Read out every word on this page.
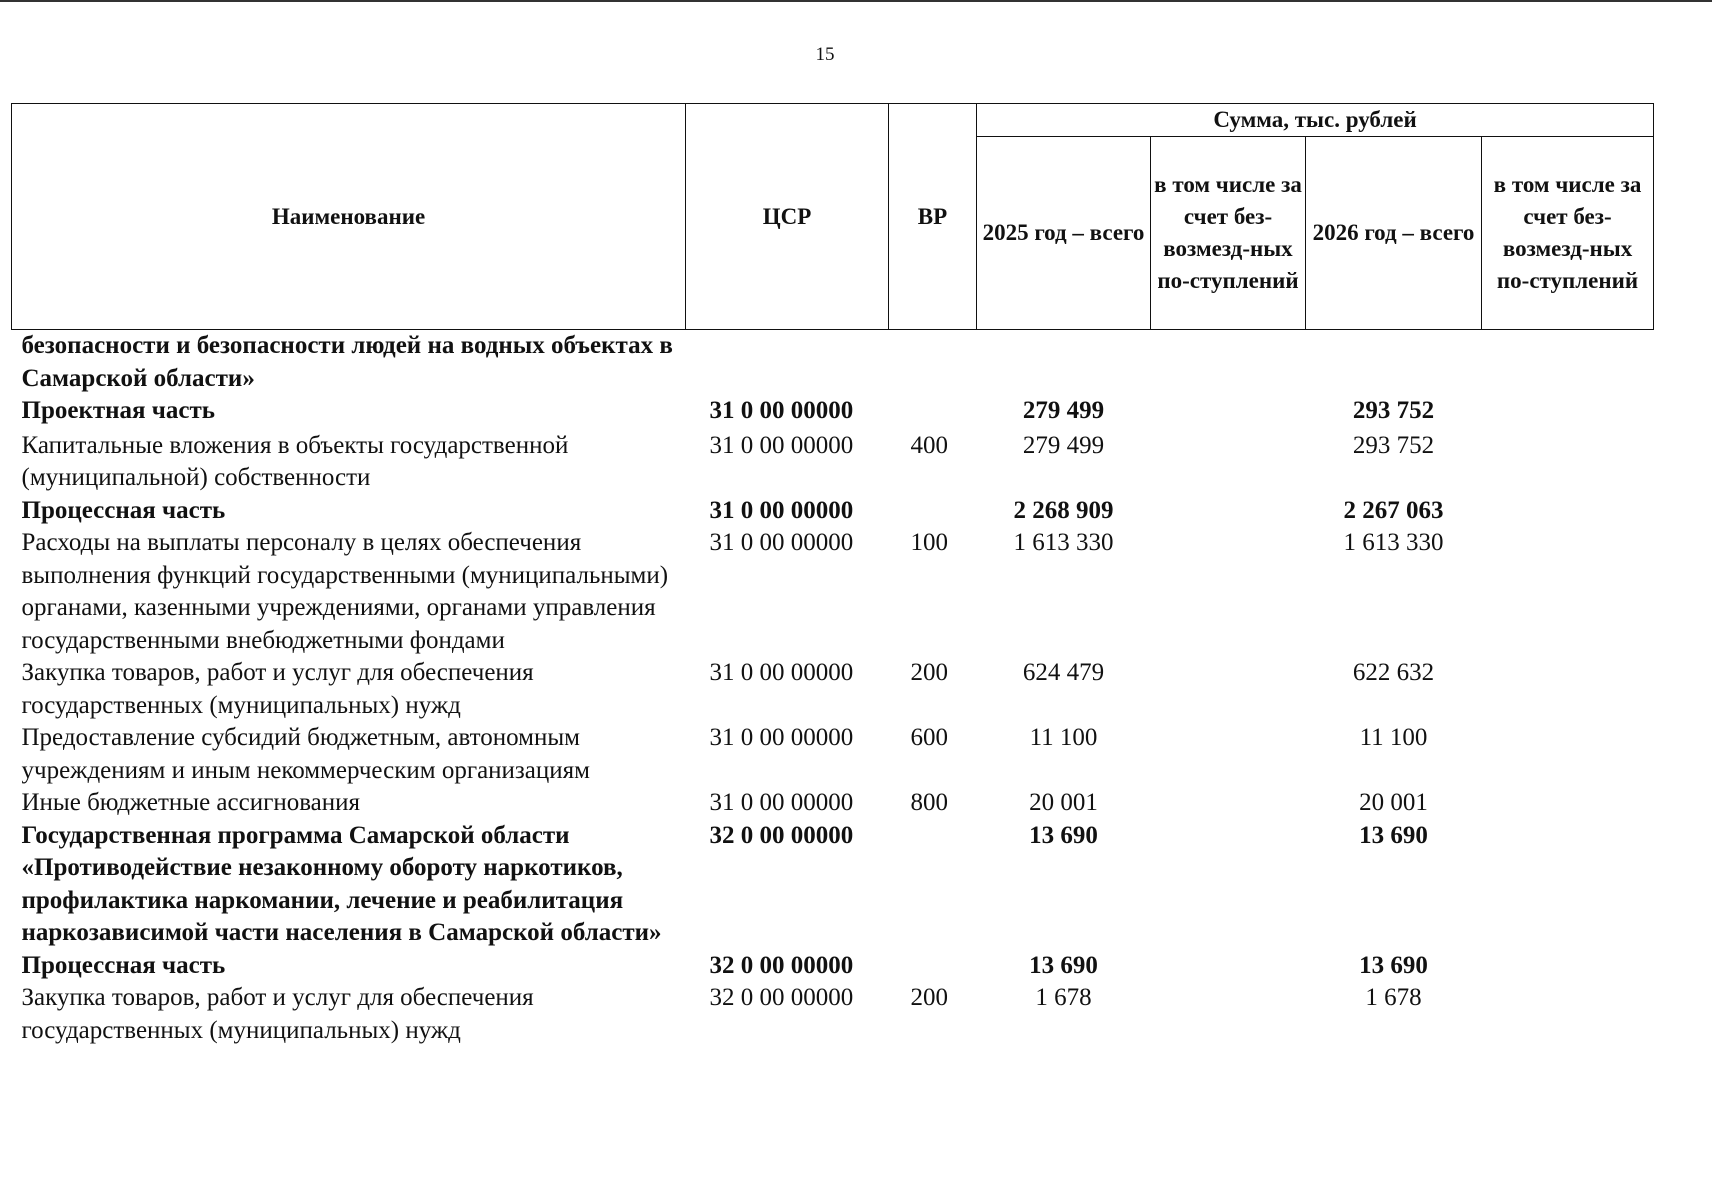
15
Наименование	ЦСР	ВР	Сумма, тыс. рублей			
			2025 год – всего	в том числе за счет без-возмезд-ных по-ступлений	2026 год – всего	в том числе за счет без-возмезд-ных по-ступлений
безопасности и безопасности людей на водных объектах в Самарской области»						
Проектная часть	31 0 00 00000		279 499		293 752	
Капитальные вложения в объекты государственной (муниципальной) собственности	31 0 00 00000	400	279 499		293 752	
Процессная часть	31 0 00 00000		2 268 909		2 267 063	
Расходы на выплаты персоналу в целях обеспечения выполнения функций государственными (муниципальными) органами, казенными учреждениями, органами управления государственными внебюджетными фондами	31 0 00 00000	100	1 613 330		1 613 330	
Закупка товаров, работ и услуг для обеспечения государственных (муниципальных) нужд	31 0 00 00000	200	624 479		622 632	
Предоставление субсидий бюджетным, автономным учреждениям и иным некоммерческим организациям	31 0 00 00000	600	11 100		11 100	
Иные бюджетные ассигнования	31 0 00 00000	800	20 001		20 001	
Государственная программа Самарской области «Противодействие незаконному обороту наркотиков, профилактика наркомании, лечение и реабилитация наркозависимой части населения в Самарской области»	32 0 00 00000		13 690		13 690	
Процессная часть	32 0 00 00000		13 690		13 690	
Закупка товаров, работ и услуг для обеспечения государственных (муниципальных) нужд	32 0 00 00000	200	1 678		1 678	
